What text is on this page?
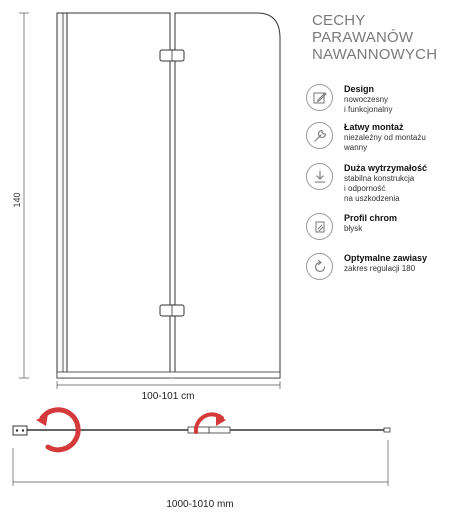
140
100-101 cm
1000-1010 mm
CECHY
PARAWANÓW
NAWANNOWYCH
Design
nowoczesny
i funkcjonalny
Łatwy montaż
niezależny od montażu
wanny
Duża wytrzymałość
stabilna konstrukcja
i odporność
na uszkodzenia
Profil chrom
błysk
Optymalne zawiasy
zakres regulacji 180
